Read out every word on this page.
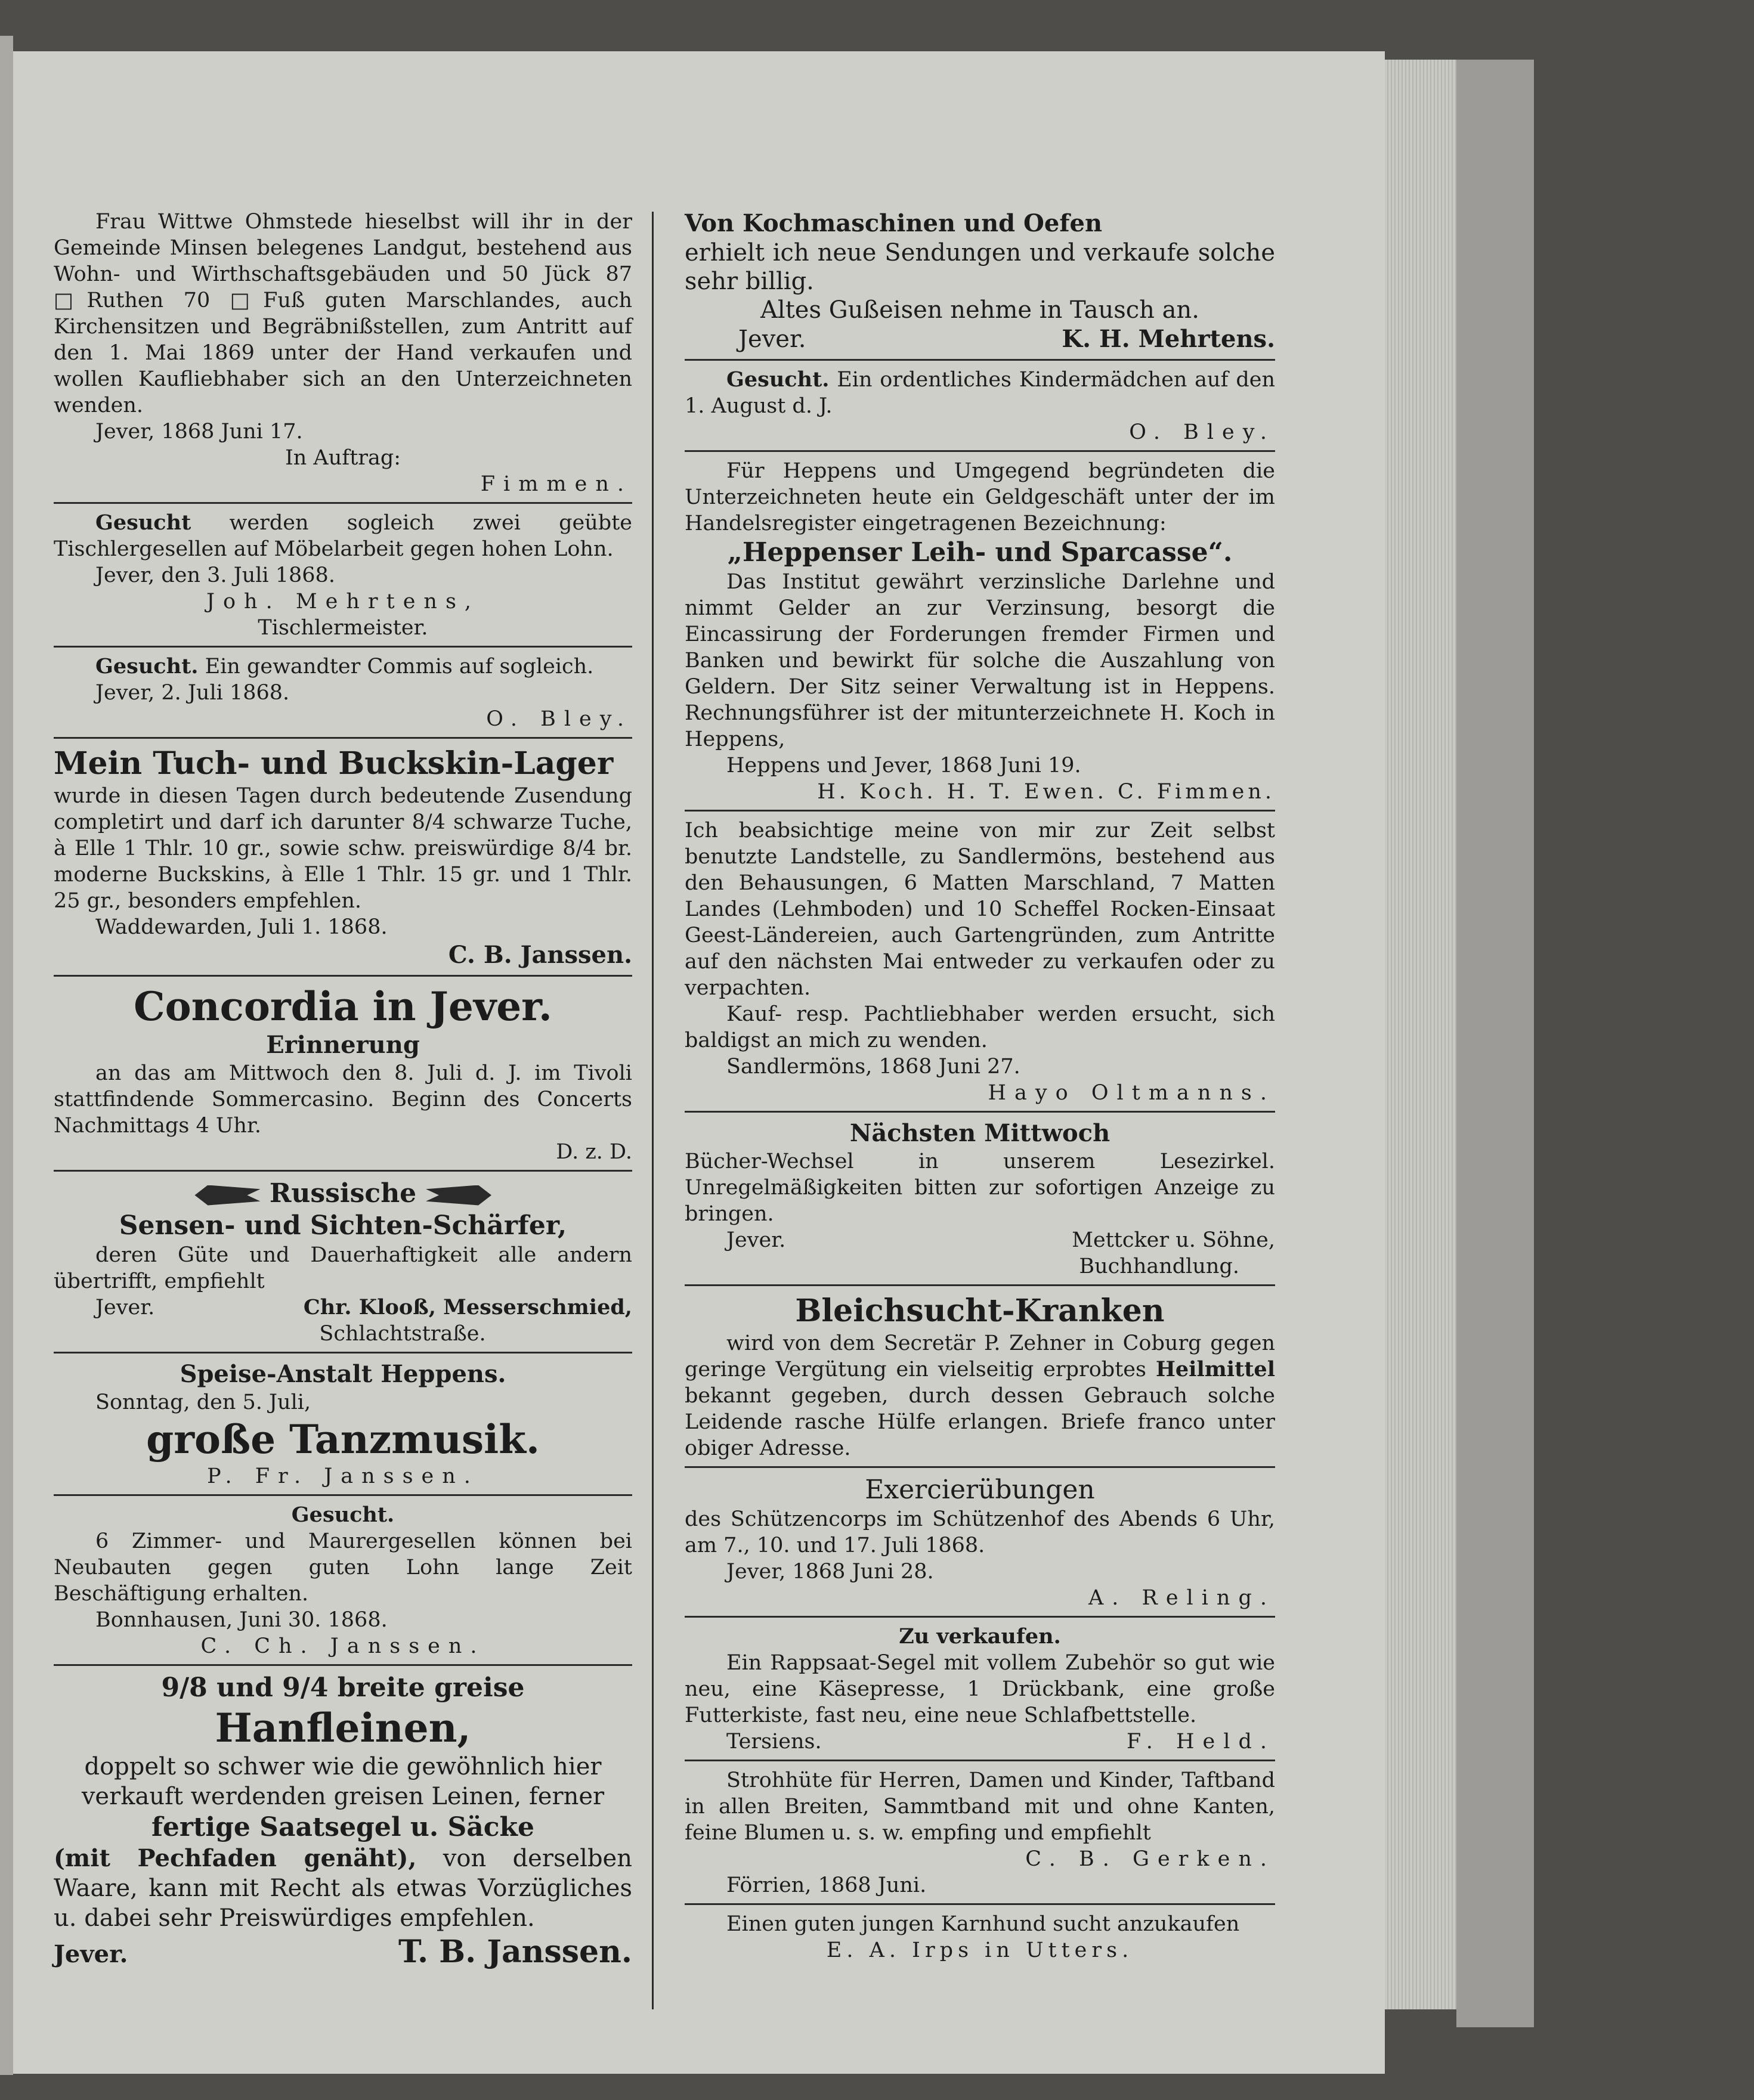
Frau Wittwe Ohmstede hieselbst will ihr in der Gemeinde Minsen belegenes Landgut, bestehend aus Wohn- und Wirthschaftsgebäuden und 50 Jück 87 □Ruthen 70 □Fuß guten Marschlandes, auch Kirchensitzen und Begräbnißstellen, zum Antritt auf den 1. Mai 1869 unter der Hand verkaufen und wollen Kaufliebhaber sich an den Unterzeichneten wenden.

Jever, 1868 Juni 17.

In Auftrag:

Fimmen.

Gesucht werden sogleich zwei geübte Tischlergesellen auf Möbelarbeit gegen hohen Lohn.

Jever, den 3. Juli 1868.

Joh. Mehrtens,

Tischlermeister.

Gesucht. Ein gewandter Commis auf sogleich.

Jever, 2. Juli 1868.

O. Bley.

Mein Tuch- und Buckskin-Lager

wurde in diesen Tagen durch bedeutende Zusendung completirt und darf ich darunter 8/4 schwarze Tuche, à Elle 1 Thlr. 10 gr., sowie schw. preiswürdige 8/4 br. moderne Buckskins, à Elle 1 Thlr. 15 gr. und 1 Thlr. 25 gr., besonders empfehlen.

Waddewarden, Juli 1. 1868.

C. B. Janssen.

Concordia in Jever.

Erinnerung

an das am Mittwoch den 8. Juli d. J. im Tivoli stattfindende Sommercasino. Beginn des Concerts Nachmittags 4 Uhr.

D. z. D.

Russische

Sensen- und Sichten-Schärfer,

deren Güte und Dauerhaftigkeit alle andern übertrifft, empfiehlt

Jever.	Chr. Klooß, Messerschmied,

Schlachtstraße.

Speise-Anstalt Heppens.

Sonntag, den 5. Juli,

große Tanzmusik.

P. Fr. Janssen.

Gesucht.

6 Zimmer- und Maurergesellen können bei Neubauten gegen guten Lohn lange Zeit Beschäftigung erhalten.

Bonnhausen, Juni 30. 1868.

C. Ch. Janssen.

9/8 und 9/4 breite greise

Hanfleinen,

doppelt so schwer wie die gewöhnlich hier verkauft werdenden greisen Leinen, ferner

fertige Saatsegel u. Säcke

(mit Pechfaden genäht), von derselben Waare, kann mit Recht als etwas Vorzügliches u. dabei sehr Preiswürdiges empfehlen.

Jever.	T. B. Janssen.

Von Kochmaschinen und Oefen

erhielt ich neue Sendungen und verkaufe solche sehr billig.

Altes Gußeisen nehme in Tausch an.

Jever.	K. H. Mehrtens.

Gesucht. Ein ordentliches Kindermädchen auf den 1. August d. J.

O. Bley.

Für Heppens und Umgegend begründeten die Unterzeichneten heute ein Geldgeschäft unter der im Handelsregister eingetragenen Bezeichnung:

„Heppenser Leih- und Sparcasse“.

Das Institut gewährt verzinsliche Darlehne und nimmt Gelder an zur Verzinsung, besorgt die Eincassirung der Forderungen fremder Firmen und Banken und bewirkt für solche die Auszahlung von Geldern. Der Sitz seiner Verwaltung ist in Heppens. Rechnungsführer ist der mitunterzeichnete H. Koch in Heppens,

Heppens und Jever, 1868 Juni 19.

H. Koch. H. T. Ewen. C. Fimmen.

Ich beabsichtige meine von mir zur Zeit selbst benutzte Landstelle, zu Sandlermöns, bestehend aus den Behausungen, 6 Matten Marschland, 7 Matten Landes (Lehmboden) und 10 Scheffel Rocken-Einsaat Geest-Ländereien, auch Gartengründen, zum Antritte auf den nächsten Mai entweder zu verkaufen oder zu verpachten.

Kauf- resp. Pachtliebhaber werden ersucht, sich baldigst an mich zu wenden.

Sandlermöns, 1868 Juni 27.

Hayo Oltmanns.

Nächsten Mittwoch

Bücher-Wechsel in unserem Lesezirkel. Unregelmäßigkeiten bitten zur sofortigen Anzeige zu bringen.

Jever.	Mettcker u. Söhne,

Buchhandlung.

Bleichsucht-Kranken

wird von dem Secretär P. Zehner in Coburg gegen geringe Vergütung ein vielseitig erprobtes Heilmittel bekannt gegeben, durch dessen Gebrauch solche Leidende rasche Hülfe erlangen. Briefe franco unter obiger Adresse.

Exercierübungen

des Schützencorps im Schützenhof des Abends 6 Uhr, am 7., 10. und 17. Juli 1868.

Jever, 1868 Juni 28.

A. Reling.

Zu verkaufen.

Ein Rappsaat-Segel mit vollem Zubehör so gut wie neu, eine Käsepresse, 1 Drückbank, eine große Futterkiste, fast neu, eine neue Schlafbettstelle.

Tersiens.	F. Held.

Strohhüte für Herren, Damen und Kinder, Taftband in allen Breiten, Sammtband mit und ohne Kanten, feine Blumen u. s. w. empfing und empfiehlt

C. B. Gerken.

Förrien, 1868 Juni.

Einen guten jungen Karnhund sucht anzukaufen

E. A. Irps in Utters.
